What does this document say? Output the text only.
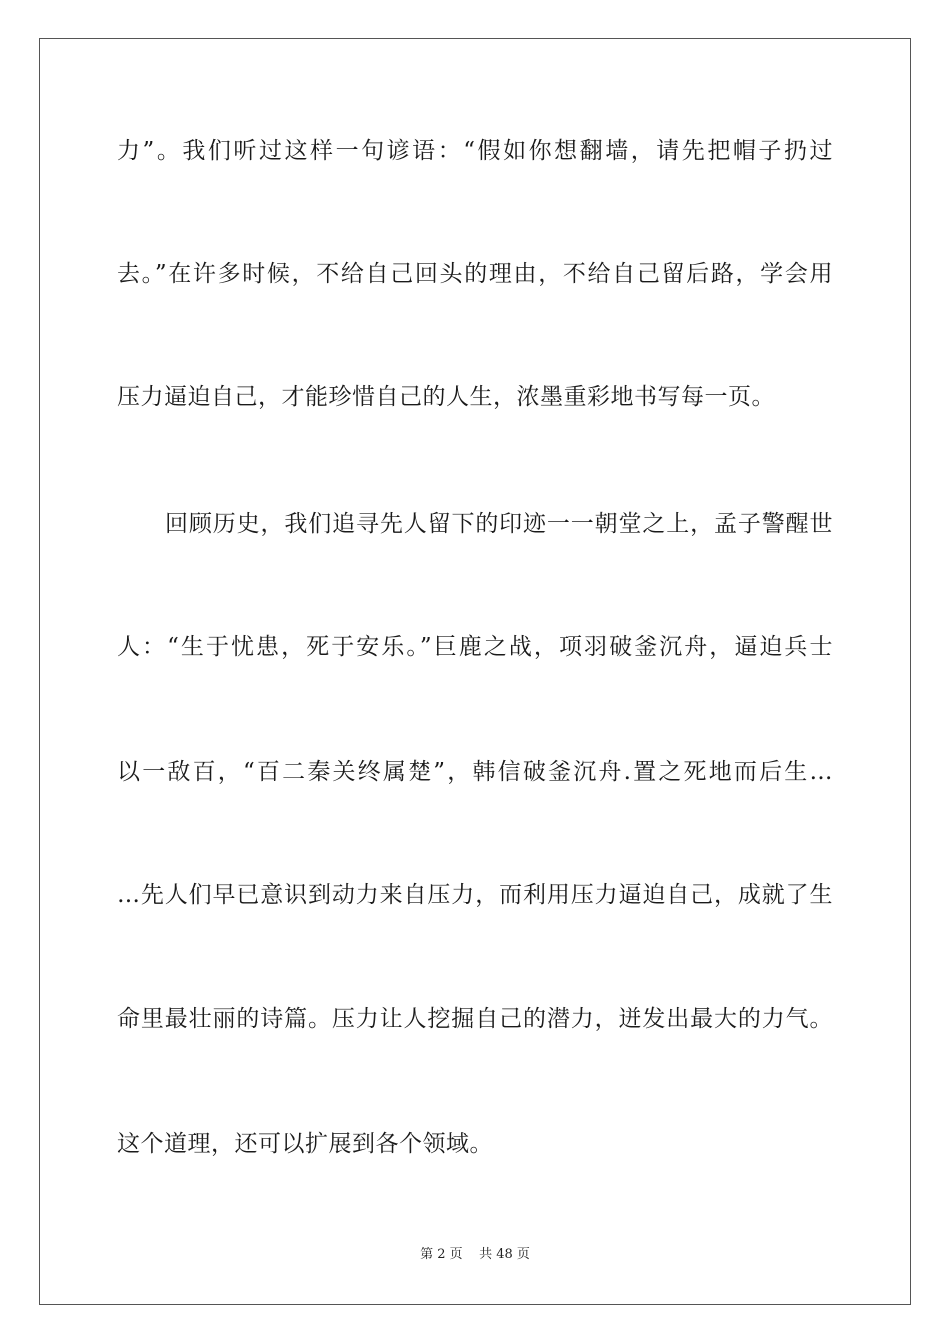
力”。我们听过这样一句谚语：“假如你想翻墙，请先把帽子扔过
去。”在许多时候，不给自己回头的理由，不给自己留后路，学会用
压力逼迫自己，才能珍惜自己的人生，浓墨重彩地书写每一页。
回顾历史，我们追寻先人留下的印迹一一朝堂之上，孟子警醒世
人：“生于忧患，死于安乐。”巨鹿之战，项羽破釜沉舟，逼迫兵士
以一敌百，“百二秦关终属楚”，韩信破釜沉舟.置之死地而后生…
…先人们早已意识到动力来自压力，而利用压力逼迫自己，成就了生
命里最壮丽的诗篇。压力让人挖掘自己的潜力，迸发出最大的力气。
这个道理，还可以扩展到各个领域。
第 2 页    共 48 页
